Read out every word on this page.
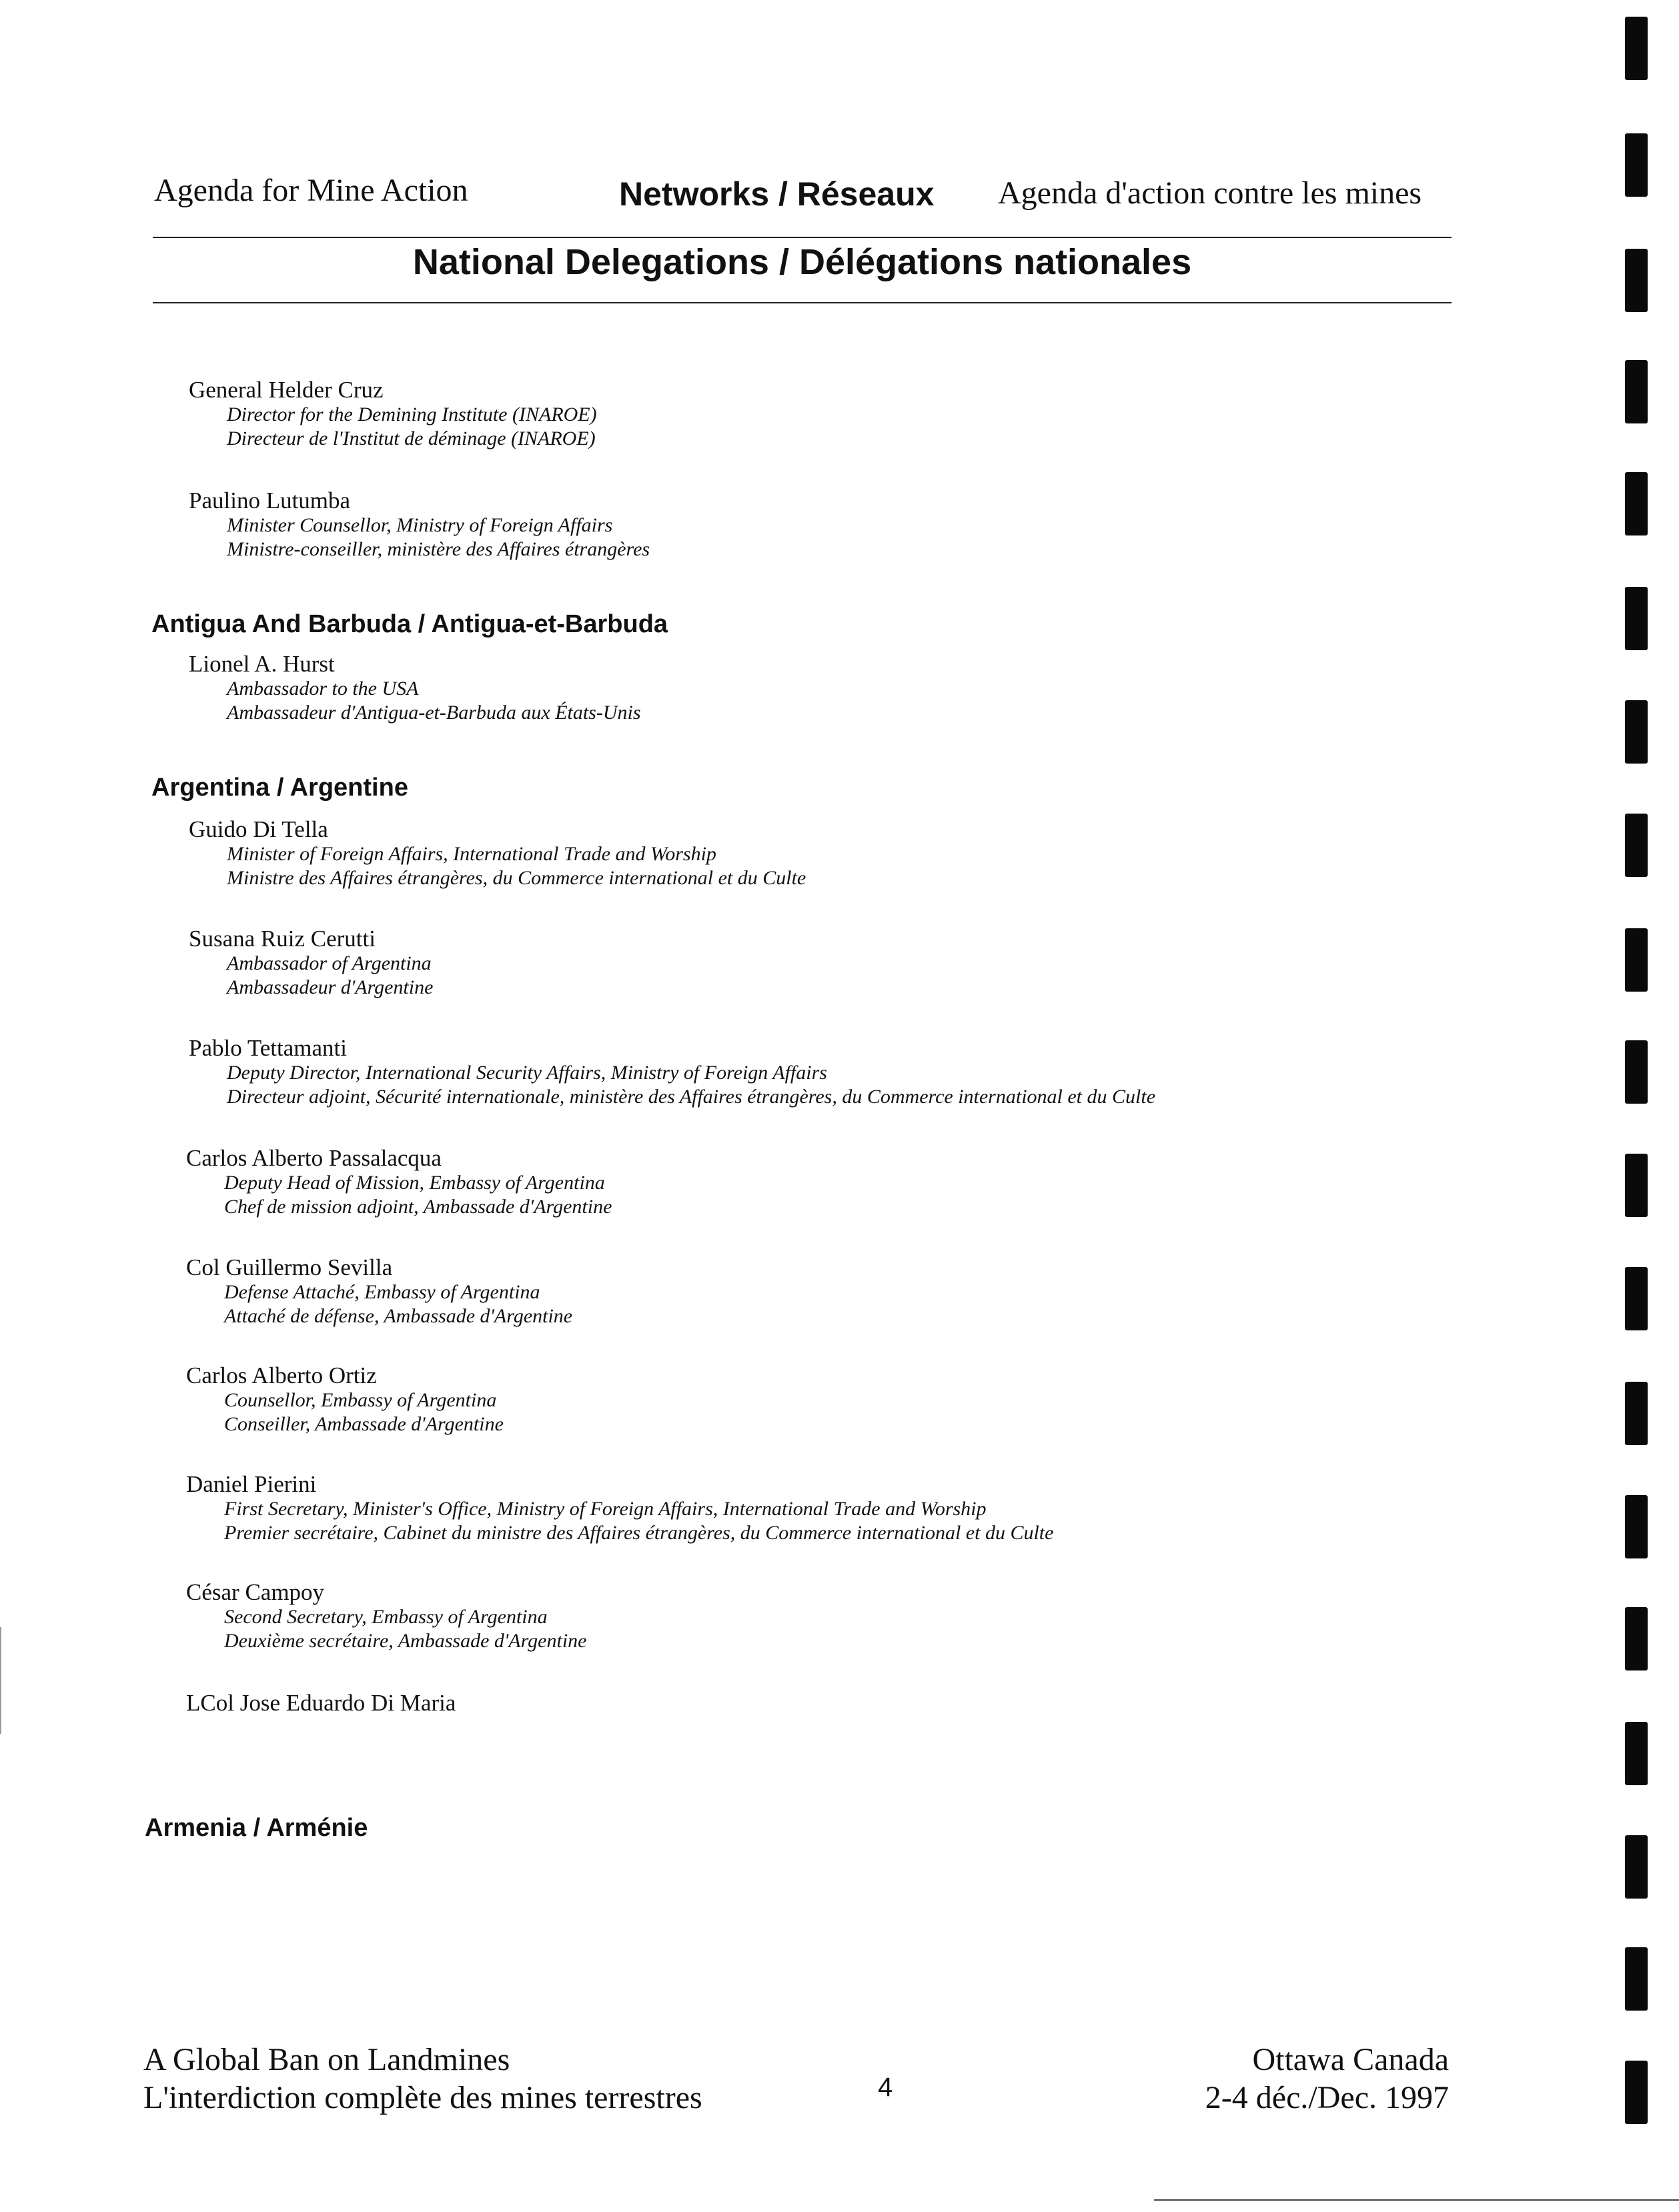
Agenda for Mine Action	Networks / Réseaux Agenda d'action contre les mines
National Delegations / Délégations nationales
General Helder Cruz
Director for the Demining Institute (INAROE)
Directeur de l'Institut de déminage (INAROE)
Paulino Lutumba
Minister Counsellor, Ministry of Foreign Affairs
Ministre-conseiller, ministère des Affaires étrangères
Antigua And Barbuda / Antigua-et-Barbuda
Lionel A. Hurst
Ambassador to the USA
Ambassadeur d'Antigua-et-Barbuda aux États-Unis
Argentina / Argentine
Guido Di Tella
Minister of Foreign Affairs, International Trade and Worship
Ministre des Affaires étrangères, du Commerce international et du Culte
Susana Ruiz Cerutti
Ambassador of Argentina
Ambassadeur d'Argentine
Pablo Tettamanti
Deputy Director, International Security Affairs, Ministry of Foreign Affairs
Directeur adjoint, Sécurité internationale, ministère des Affaires étrangères, du Commerce international et du Culte
Carlos Alberto Passalacqua
Deputy Head of Mission, Embassy of Argentina
Chef de mission adjoint, Ambassade d'Argentine
Col Guillermo Sevilla
Defense Attaché, Embassy of Argentina
Attaché de défense, Ambassade d'Argentine
Carlos Alberto Ortiz
Counsellor, Embassy of Argentina
Conseiller, Ambassade d'Argentine
Daniel Pierini
First Secretary, Minister's Office, Ministry of Foreign Affairs, International Trade and Worship
Premier secrétaire, Cabinet du ministre des Affaires étrangères, du Commerce international et du Culte
César Campoy
Second Secretary, Embassy of Argentina
Deuxième secrétaire, Ambassade d'Argentine
LCol Jose Eduardo Di Maria
Armenia / Arménie
A Global Ban on Landmines
L'interdiction complète des mines terrestres	4
Ottawa Canada
2-4 déc./Dec. 1997
